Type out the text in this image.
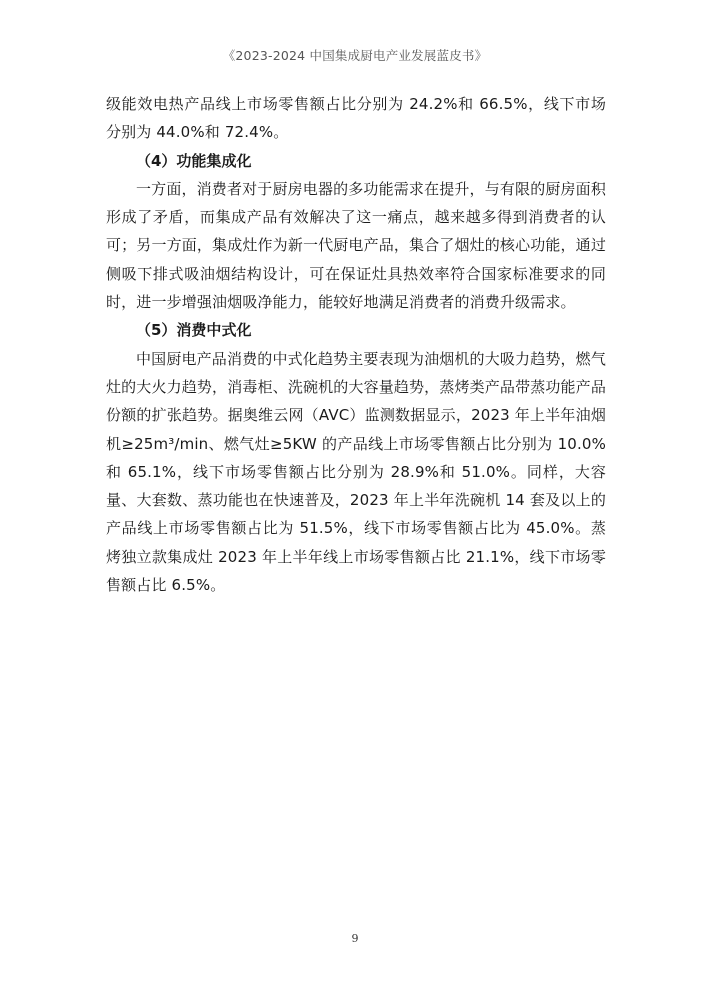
《2023-2024 中国集成厨电产业发展蓝皮书》

级能效电热产品线上市场零售额占比分别为 24.2%和 66.5%，线下市场分别为 44.0%和 72.4%。

（4）功能集成化

一方面，消费者对于厨房电器的多功能需求在提升，与有限的厨房面积形成了矛盾，而集成产品有效解决了这一痛点，越来越多得到消费者的认可；另一方面，集成灶作为新一代厨电产品，集合了烟灶的核心功能，通过侧吸下排式吸油烟结构设计，可在保证灶具热效率符合国家标准要求的同时，进一步增强油烟吸净能力，能较好地满足消费者的消费升级需求。

（5）消费中式化

中国厨电产品消费的中式化趋势主要表现为油烟机的大吸力趋势，燃气灶的大火力趋势，消毒柜、洗碗机的大容量趋势，蒸烤类产品带蒸功能产品份额的扩张趋势。据奥维云网（AVC）监测数据显示，2023 年上半年油烟机≥25m³/min、燃气灶≥5KW 的产品线上市场零售额占比分别为 10.0%和 65.1%，线下市场零售额占比分别为 28.9%和 51.0%。同样，大容量、大套数、蒸功能也在快速普及，2023 年上半年洗碗机 14 套及以上的产品线上市场零售额占比为 51.5%，线下市场零售额占比为 45.0%。蒸烤独立款集成灶 2023 年上半年线上市场零售额占比 21.1%，线下市场零售额占比 6.5%。

9
